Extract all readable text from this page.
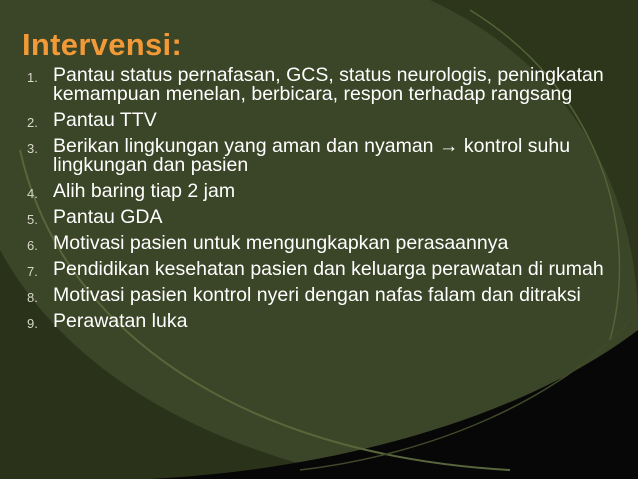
Intervensi:
1. Pantau status pernafasan, GCS, status neurologis, peningkatan kemampuan menelan, berbicara, respon terhadap rangsang
2. Pantau TTV
3. Berikan lingkungan yang aman dan nyaman → kontrol suhu lingkungan dan pasien
4. Alih baring tiap 2 jam
5. Pantau GDA
6. Motivasi pasien untuk mengungkapkan perasaannya
7. Pendidikan kesehatan pasien dan keluarga perawatan di rumah
8. Motivasi pasien kontrol nyeri dengan nafas falam dan ditraksi
9. Perawatan luka
